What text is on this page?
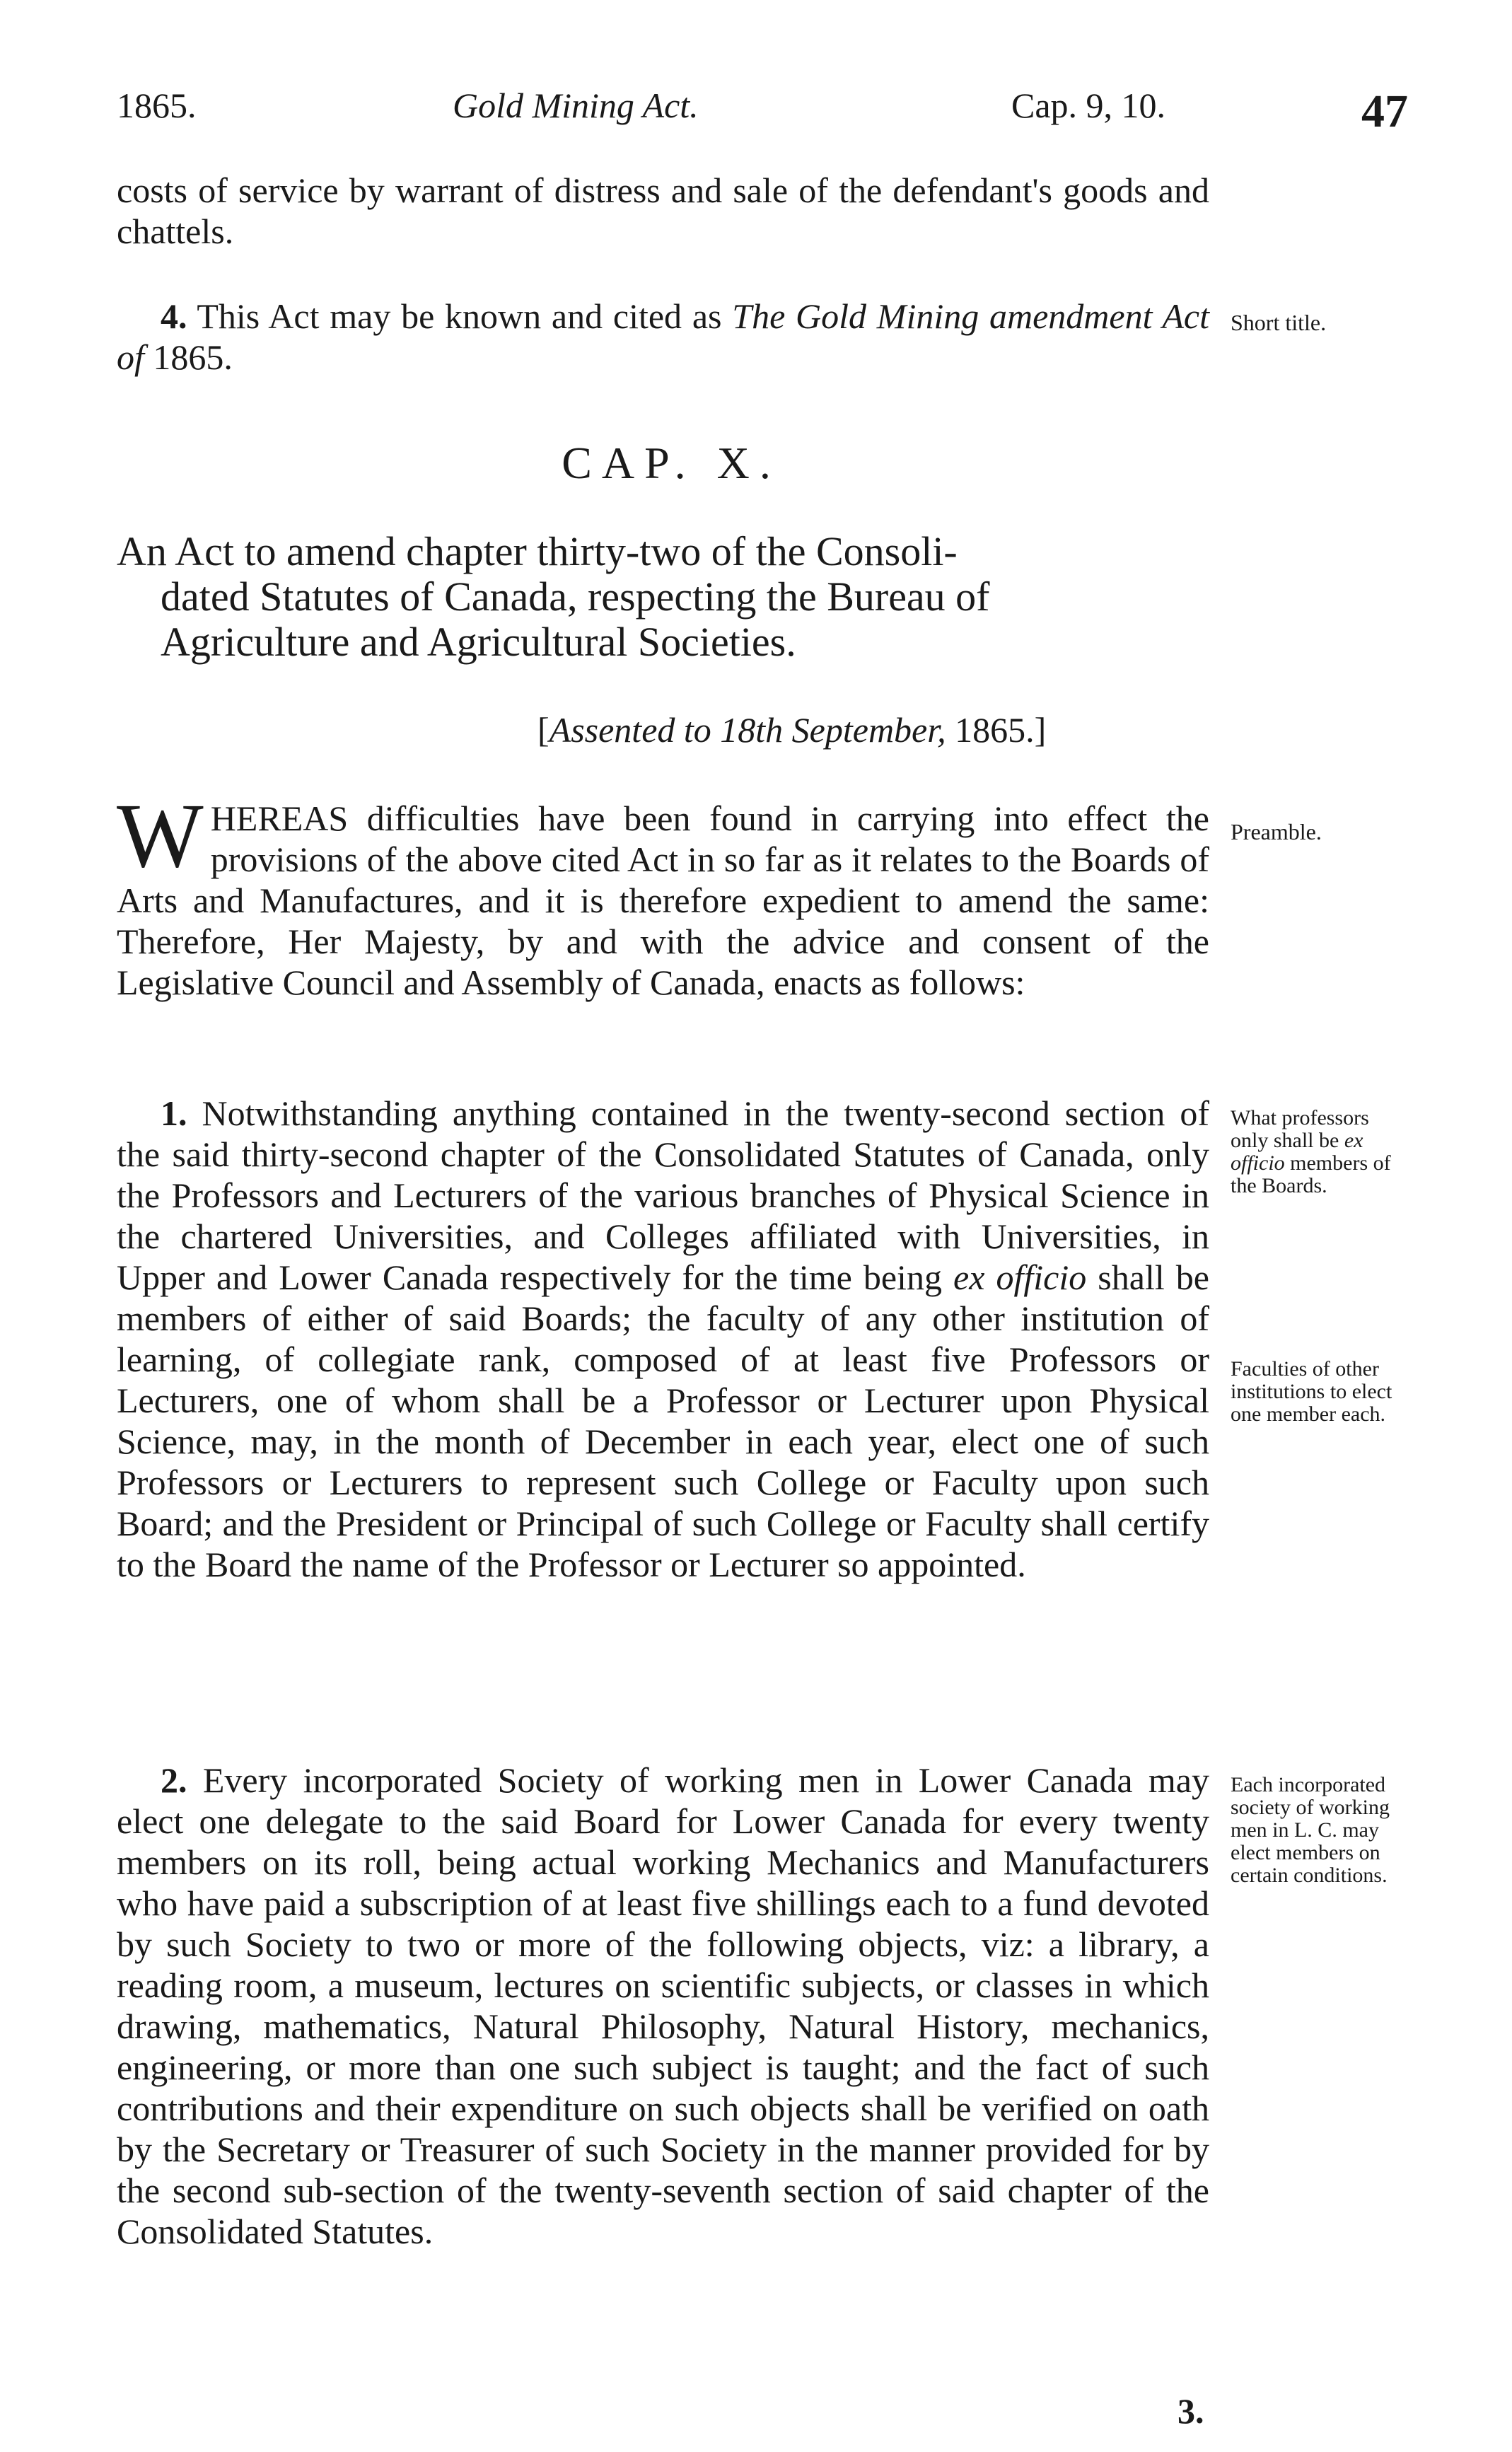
1865.	Gold Mining Act.	Cap. 9, 10.	47
costs of service by warrant of distress and sale of the defendant's goods and chattels.
4. This Act may be known and cited as The Gold Mining amendment Act of 1865.
Short title.
CAP. X.
An Act to amend chapter thirty-two of the Consoli-
dated Statutes of Canada, respecting the Bureau of
Agriculture and Agricultural Societies.
[Assented to 18th September, 1865.]
W HEREAS difficulties have been found in carrying into effect the provisions of the above cited Act in so far as it relates to the Boards of Arts and Manufactures, and it is therefore expedient to amend the same: Therefore, Her Majesty, by and with the advice and consent of the Legislative Council and Assembly of Canada, enacts as follows:
Preamble.
1. Notwithstanding anything contained in the twenty-second section of the said thirty-second chapter of the Consolidated Statutes of Canada, only the Professors and Lecturers of the various branches of Physical Science in the chartered Universities, and Colleges affiliated with Universities, in Upper and Lower Canada respectively for the time being ex officio shall be members of either of said Boards; the faculty of any other institution of learning, of collegiate rank, composed of at least five Professors or Lecturers, one of whom shall be a Professor or Lecturer upon Physical Science, may, in the month of December in each year, elect one of such Professors or Lecturers to represent such College or Faculty upon such Board; and the President or Principal of such College or Faculty shall certify to the Board the name of the Professor or Lecturer so appointed.
What professors only shall be ex officio members of the Boards.
Faculties of other institutions to elect one member each.
2. Every incorporated Society of working men in Lower Canada may elect one delegate to the said Board for Lower Canada for every twenty members on its roll, being actual working Mechanics and Manufacturers who have paid a subscription of at least five shillings each to a fund devoted by such Society to two or more of the following objects, viz: a library, a reading room, a museum, lectures on scientific subjects, or classes in which drawing, mathematics, Natural Philosophy, Natural History, mechanics, engineering, or more than one such subject is taught; and the fact of such contributions and their expenditure on such objects shall be verified on oath by the Secretary or Treasurer of such Society in the manner provided for by the second sub-section of the twenty-seventh section of said chapter of the Consolidated Statutes.
Each incorporated society of working men in L. C. may elect members on certain conditions.
3.
